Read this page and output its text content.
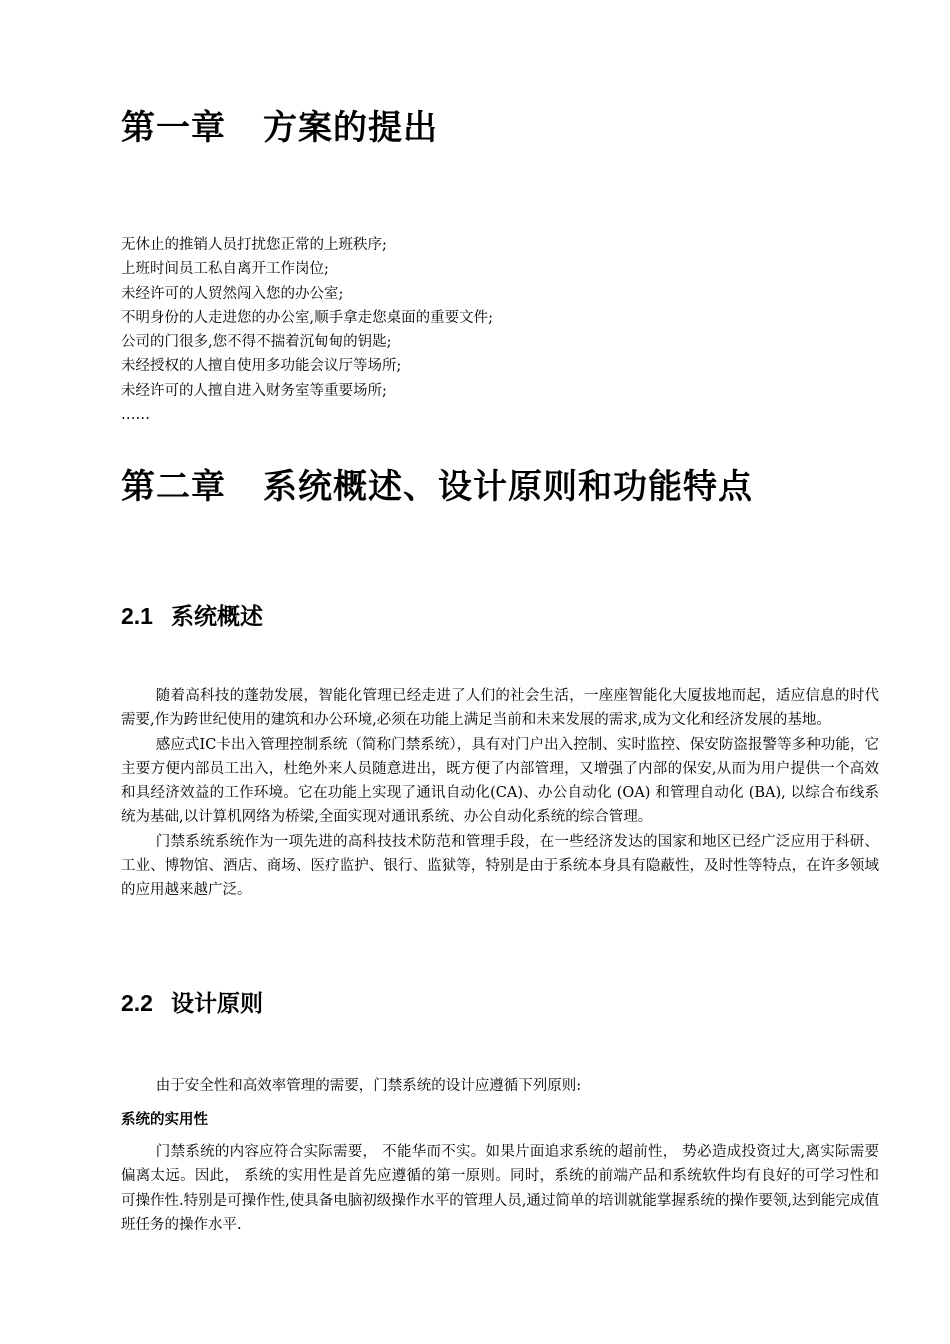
第一章 方案的提出
无休止的推销人员打扰您正常的上班秩序;
上班时间员工私自离开工作岗位;
未经许可的人贸然闯入您的办公室;
不明身份的人走进您的办公室,顺手拿走您桌面的重要文件;
公司的门很多,您不得不揣着沉甸甸的钥匙;
未经授权的人擅自使用多功能会议厅等场所;
未经许可的人擅自进入财务室等重要场所;
……
第二章 系统概述、设计原则和功能特点
2.1 系统概述

随着高科技的蓬勃发展，智能化管理已经走进了人们的社会生活，一座座智能化大厦拔地而起，适应信息的时代需要,作为跨世纪使用的建筑和办公环境,必须在功能上满足当前和未来发展的需求,成为文化和经济发展的基地。

感应式IC卡出入管理控制系统（简称门禁系统），具有对门户出入控制、实时监控、保安防盗报警等多种功能，它主要方便内部员工出入，杜绝外来人员随意进出，既方便了内部管理，又增强了内部的保安,从而为用户提供一个高效和具经济效益的工作环境。它在功能上实现了通讯自动化(CA)、办公自动化 (OA) 和管理自动化 (BA), 以综合布线系统为基础,以计算机网络为桥梁,全面实现对通讯系统、办公自动化系统的综合管理。

门禁系统系统作为一项先进的高科技技术防范和管理手段，在一些经济发达的国家和地区已经广泛应用于科研、工业、博物馆、酒店、商场、医疗监护、银行、监狱等，特别是由于系统本身具有隐蔽性，及时性等特点，在许多领域的应用越来越广泛。

2.2 设计原则

由于安全性和高效率管理的需要，门禁系统的设计应遵循下列原则:

系统的实用性

门禁系统的内容应符合实际需要， 不能华而不实。如果片面追求系统的超前性， 势必造成投资过大,离实际需要偏离太远。因此， 系统的实用性是首先应遵循的第一原则。同时，系统的前端产品和系统软件均有良好的可学习性和可操作性.特别是可操作性,使具备电脑初级操作水平的管理人员,通过简单的培训就能掌握系统的操作要领,达到能完成值班任务的操作水平.
